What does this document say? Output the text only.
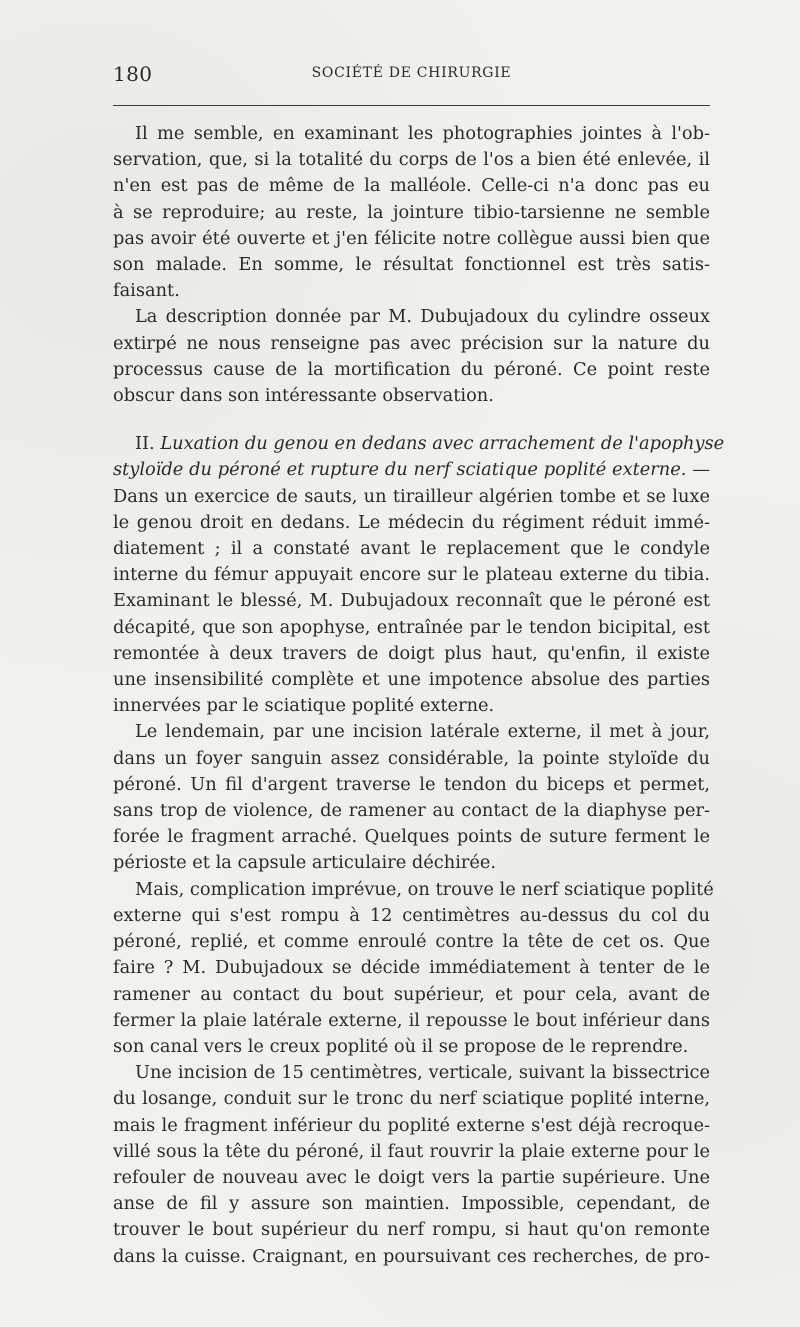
180	SOCIÉTÉ DE CHIRURGIE
Il me semble, en examinant les photographies jointes à l'ob-
servation, que, si la totalité du corps de l'os a bien été enlevée, il
n'en est pas de même de la malléole. Celle-ci n'a donc pas eu
à se reproduire; au reste, la jointure tibio-tarsienne ne semble
pas avoir été ouverte et j'en félicite notre collègue aussi bien que
son malade. En somme, le résultat fonctionnel est très satis-
faisant.
La description donnée par M. Dubujadoux du cylindre osseux
extirpé ne nous renseigne pas avec précision sur la nature du
processus cause de la mortification du péroné. Ce point reste
obscur dans son intéressante observation.
II. Luxation du genou en dedans avec arrachement de l'apophyse
styloïde du péroné et rupture du nerf sciatique poplité externe. —
Dans un exercice de sauts, un tirailleur algérien tombe et se luxe
le genou droit en dedans. Le médecin du régiment réduit immé-
diatement ; il a constaté avant le replacement que le condyle
interne du fémur appuyait encore sur le plateau externe du tibia.
Examinant le blessé, M. Dubujadoux reconnaît que le péroné est
décapité, que son apophyse, entraînée par le tendon bicipital, est
remontée à deux travers de doigt plus haut, qu'enfin, il existe
une insensibilité complète et une impotence absolue des parties
innervées par le sciatique poplité externe.
Le lendemain, par une incision latérale externe, il met à jour,
dans un foyer sanguin assez considérable, la pointe styloïde du
péroné. Un fil d'argent traverse le tendon du biceps et permet,
sans trop de violence, de ramener au contact de la diaphyse per-
forée le fragment arraché. Quelques points de suture ferment le
périoste et la capsule articulaire déchirée.
Mais, complication imprévue, on trouve le nerf sciatique poplité
externe qui s'est rompu à 12 centimètres au-dessus du col du
péroné, replié, et comme enroulé contre la tête de cet os. Que
faire ? M. Dubujadoux se décide immédiatement à tenter de le
ramener au contact du bout supérieur, et pour cela, avant de
fermer la plaie latérale externe, il repousse le bout inférieur dans
son canal vers le creux poplité où il se propose de le reprendre.
Une incision de 15 centimètres, verticale, suivant la bissectrice
du losange, conduit sur le tronc du nerf sciatique poplité interne,
mais le fragment inférieur du poplité externe s'est déjà recroque-
villé sous la tête du péroné, il faut rouvrir la plaie externe pour le
refouler de nouveau avec le doigt vers la partie supérieure. Une
anse de fil y assure son maintien. Impossible, cependant, de
trouver le bout supérieur du nerf rompu, si haut qu'on remonte
dans la cuisse. Craignant, en poursuivant ces recherches, de pro-
